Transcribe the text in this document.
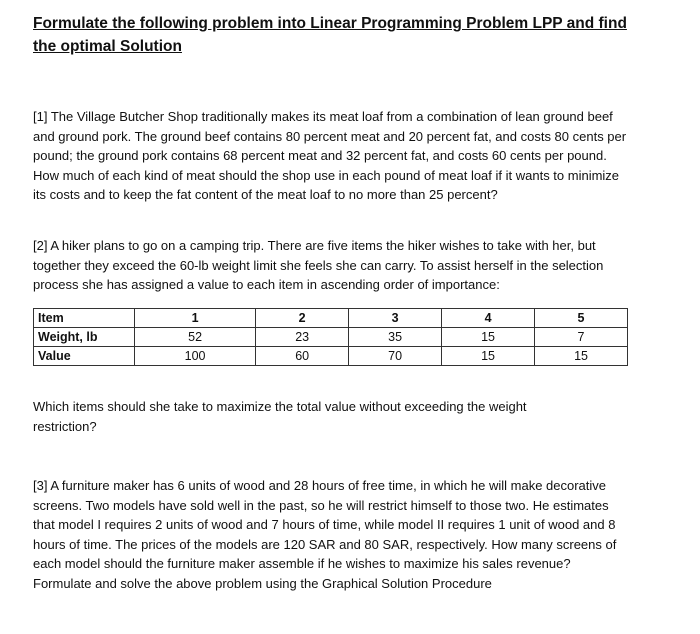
Formulate the following problem into Linear Programming Problem LPP and find the optimal Solution

[1] The Village Butcher Shop traditionally makes its meat loaf from a combination of lean ground beef and ground pork. The ground beef contains 80 percent meat and 20 percent fat, and costs 80 cents per pound; the ground pork contains 68 percent meat and 32 percent fat, and costs 60 cents per pound. How much of each kind of meat should the shop use in each pound of meat loaf if it wants to minimize its costs and to keep the fat content of the meat loaf to no more than 25 percent?

[2] A hiker plans to go on a camping trip. There are five items the hiker wishes to take with her, but together they exceed the 60-lb weight limit she feels she can carry. To assist herself in the selection process she has assigned a value to each item in ascending order of importance:

Item	1	2	3	4	5
Weight, lb	52	23	35	15	7
Value	100	60	70	15	15

Which items should she take to maximize the total value without exceeding the weight restriction?

[3] A furniture maker has 6 units of wood and 28 hours of free time, in which he will make decorative screens. Two models have sold well in the past, so he will restrict himself to those two. He estimates that model I requires 2 units of wood and 7 hours of time, while model II requires 1 unit of wood and 8 hours of time. The prices of the models are 120 SAR and 80 SAR, respectively. How many screens of each model should the furniture maker assemble if he wishes to maximize his sales revenue? Formulate and solve the above problem using the Graphical Solution Procedure
